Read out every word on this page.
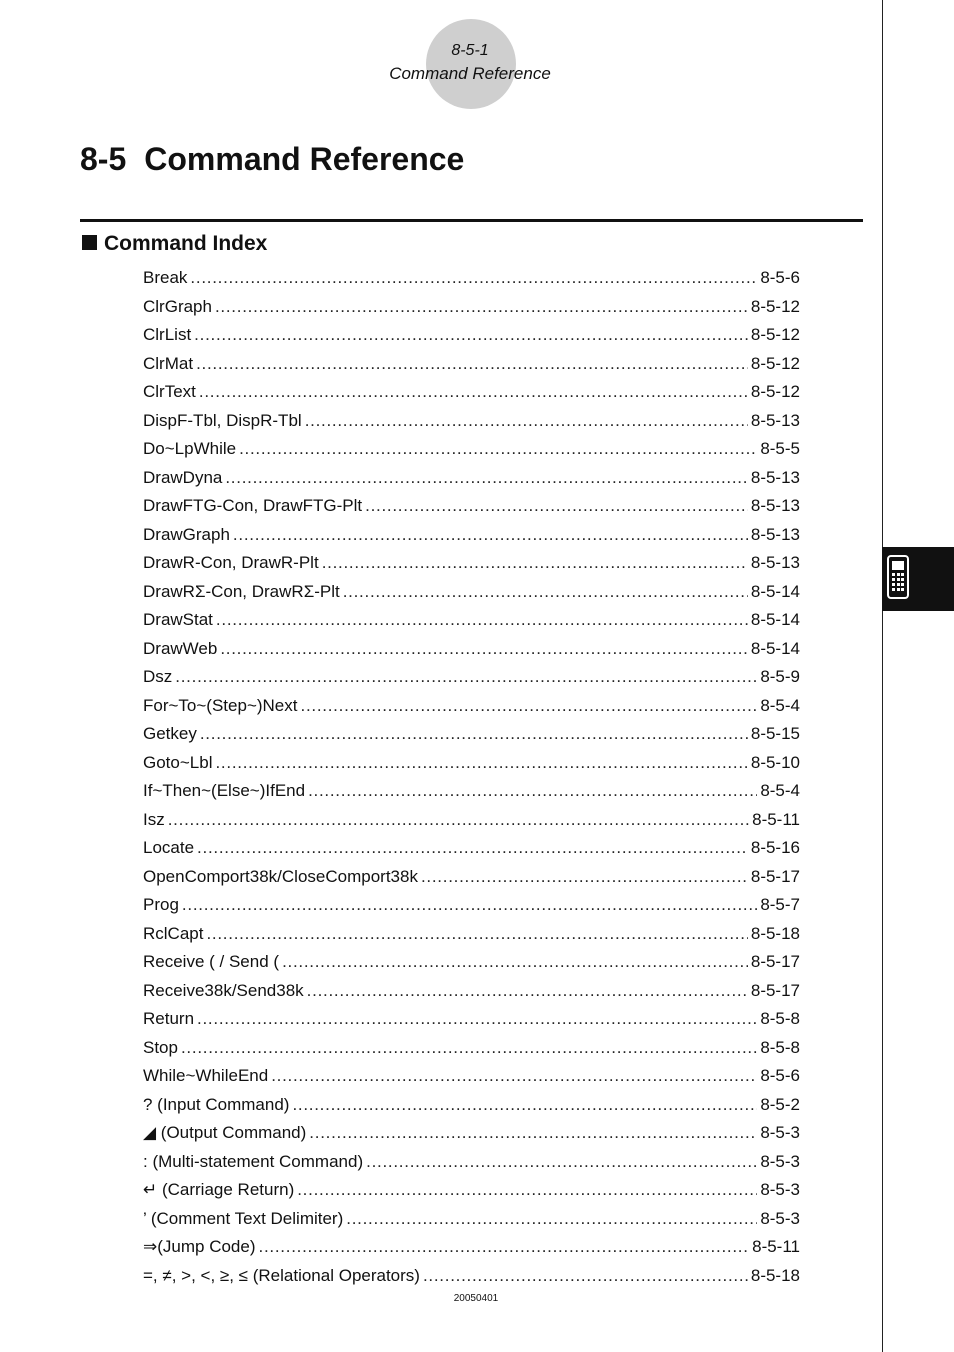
8-5-1
Command Reference
8-5 Command Reference
Command Index
Break . . .	8-5-6
ClrGraph . . .	8-5-12
ClrList . . .	8-5-12
ClrMat . . .	8-5-12
ClrText . . .	8-5-12
DispF-Tbl, DispR-Tbl . . .	8-5-13
Do~LpWhile . . .	8-5-5
DrawDyna . . .	8-5-13
DrawFTG-Con, DrawFTG-Plt . . .	8-5-13
DrawGraph . . .	8-5-13
DrawR-Con, DrawR-Plt . . .	8-5-13
DrawRΣ-Con, DrawRΣ-Plt . . .	8-5-14
DrawStat . . .	8-5-14
DrawWeb . . .	8-5-14
Dsz . . .	8-5-9
For~To~(Step~)Next . . .	8-5-4
Getkey . . .	8-5-15
Goto~Lbl . . .	8-5-10
If~Then~(Else~)IfEnd . . .	8-5-4
Isz . . .	8-5-11
Locate . . .	8-5-16
OpenComport38k/CloseComport38k . . .	8-5-17
Prog . . .	8-5-7
RclCapt . . .	8-5-18
Receive ( / Send ( . . .	8-5-17
Receive38k/Send38k . . .	8-5-17
Return . . .	8-5-8
Stop . . .	8-5-8
While~WhileEnd . . .	8-5-6
? (Input Command) . . .	8-5-2
◢ (Output Command) . . .	8-5-3
: (Multi-statement Command) . . .	8-5-3
↵ (Carriage Return) . . .	8-5-3
’ (Comment Text Delimiter) . . .	8-5-3
⇒(Jump Code) . . .	8-5-11
=, ≠, >, <, ≥, ≤ (Relational Operators) . . .	8-5-18
20050401
